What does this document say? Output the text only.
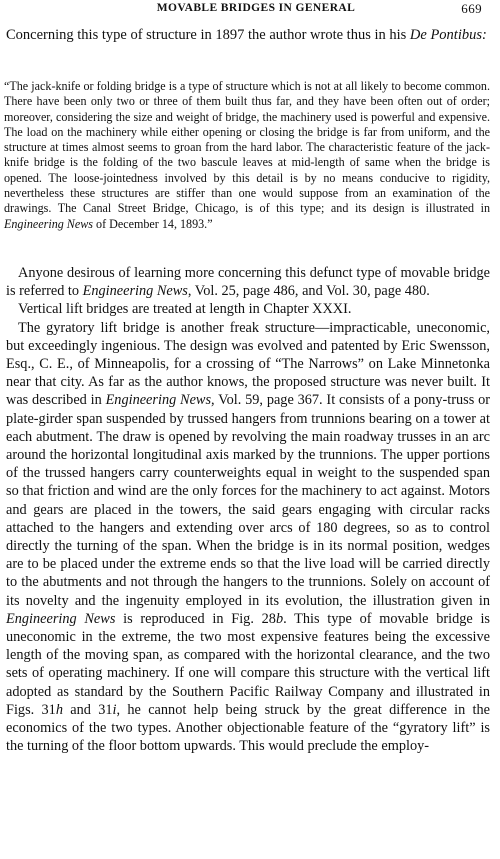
MOVABLE BRIDGES IN GENERAL	669
Concerning this type of structure in 1897 the author wrote thus in his De Pontibus:
“The jack-knife or folding bridge is a type of structure which is not at all likely to become common. There have been only two or three of them built thus far, and they have been often out of order; moreover, considering the size and weight of bridge, the machinery used is powerful and expensive. The load on the machinery while either opening or closing the bridge is far from uniform, and the structure at times almost seems to groan from the hard labor. The characteristic feature of the jack-knife bridge is the folding of the two bascule leaves at mid-length of same when the bridge is opened. The loose-jointedness involved by this detail is by no means conducive to rigidity, nevertheless these structures are stiffer than one would suppose from an examination of the drawings. The Canal Street Bridge, Chicago, is of this type; and its design is illustrated in Engineering News of December 14, 1893.”

Anyone desirous of learning more concerning this defunct type of movable bridge is referred to Engineering News, Vol. 25, page 486, and Vol. 30, page 480.

Vertical lift bridges are treated at length in Chapter XXXI.

The gyratory lift bridge is another freak structure—impracticable, uneconomic, but exceedingly ingenious. The design was evolved and patented by Eric Swensson, Esq., C. E., of Minneapolis, for a crossing of “The Narrows” on Lake Minnetonka near that city. As far as the author knows, the proposed structure was never built. It was described in Engineering News, Vol. 59, page 367. It consists of a pony-truss or plate-girder span suspended by trussed hangers from trunnions bearing on a tower at each abutment. The draw is opened by revolving the main roadway trusses in an arc around the horizontal longitudinal axis marked by the trunnions. The upper portions of the trussed hangers carry counterweights equal in weight to the suspended span so that friction and wind are the only forces for the machinery to act against. Motors and gears are placed in the towers, the said gears engaging with circular racks attached to the hangers and extending over arcs of 180 degrees, so as to control directly the turning of the span. When the bridge is in its normal position, wedges are to be placed under the extreme ends so that the live load will be carried directly to the abutments and not through the hangers to the trunnions. Solely on account of its novelty and the ingenuity employed in its evolution, the illustration given in Engineering News is reproduced in Fig. 28b. This type of movable bridge is uneconomic in the extreme, the two most expensive features being the excessive length of the moving span, as compared with the horizontal clearance, and the two sets of operating machinery. If one will compare this structure with the vertical lift adopted as standard by the Southern Pacific Railway Company and illustrated in Figs. 31h and 31i, he cannot help being struck by the great difference in the economics of the two types. Another objectionable feature of the “gyratory lift” is the turning of the floor bottom upwards. This would preclude the employ-
